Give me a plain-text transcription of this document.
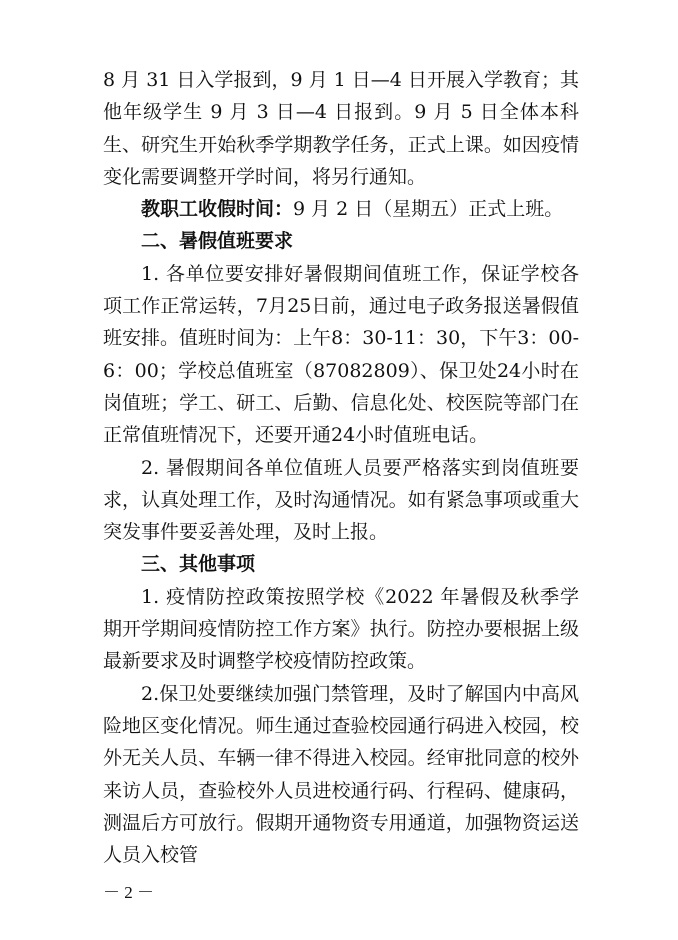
8 月 31 日入学报到，9 月 1 日—4 日开展入学教育；其他年级学生 9 月 3 日—4 日报到。9 月 5 日全体本科生、研究生开始秋季学期教学任务，正式上课。如因疫情变化需要调整开学时间，将另行通知。

教职工收假时间：9 月 2 日（星期五）正式上班。

二、暑假值班要求

1. 各单位要安排好暑假期间值班工作，保证学校各项工作正常运转，7月25日前，通过电子政务报送暑假值班安排。值班时间为：上午8：30-11：30，下午3：00-6：00；学校总值班室（87082809）、保卫处24小时在岗值班；学工、研工、后勤、信息化处、校医院等部门在正常值班情况下，还要开通24小时值班电话。

2. 暑假期间各单位值班人员要严格落实到岗值班要求，认真处理工作，及时沟通情况。如有紧急事项或重大突发事件要妥善处理，及时上报。

三、其他事项

1. 疫情防控政策按照学校《2022 年暑假及秋季学期开学期间疫情防控工作方案》执行。防控办要根据上级最新要求及时调整学校疫情防控政策。

2.保卫处要继续加强门禁管理，及时了解国内中高风险地区变化情况。师生通过查验校园通行码进入校园，校外无关人员、车辆一律不得进入校园。经审批同意的校外来访人员，查验校外人员进校通行码、行程码、健康码，测温后方可放行。假期开通物资专用通道，加强物资运送人员入校管

－ 2 －
